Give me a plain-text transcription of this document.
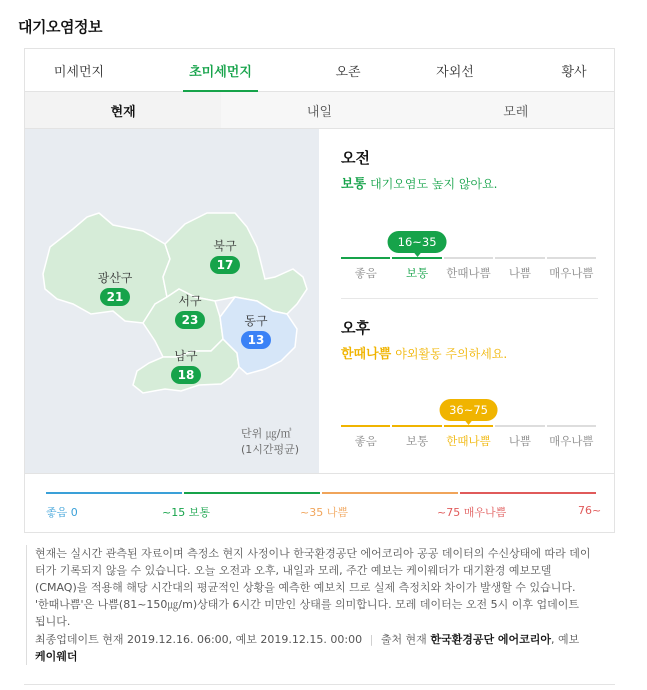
대기오염정보
미세먼지	초미세먼지	오존	자외선	황사
현재	내일	모레
광산구
21
북구
17
서구
23	동구
13
남구
18
단위 ㎍/㎥
(1시간평균)
오전
보통 대기오염도 높지 않아요.
좋음
16~35
보통	한때나쁨	나쁨	매우나쁨
오후
한때나쁨 야외활동 주의하세요.
좋음	보통
36~75
한때나쁨	나쁨	매우나쁨
좋음 0	~15 보통	~35 나쁨	~75 매우나쁨	76~
현재는 실시간 관측된 자료이며 측정소 현지 사정이나 한국환경공단 에어코리아 공공 데이터의 수신상태에 따라 데이터가 기록되지 않을 수 있습니다. 오늘 오전과 오후, 내일과 모레, 주간 예보는 케이웨더가 대기환경 예보모델(CMAQ)을 적용해 해당 시간대의 평균적인 상황을 예측한 예보치 므로 실제 측정치와 차이가 발생할 수 있습니다. '한때나쁨'은 나쁨(81~150㎍/m)상태가 6시간 미만인 상태를 의미합니다. 모레 데이터는 오전 5시 이후 업데이트 됩니다.
최종업데이트 현재 2019.12.16. 06:00, 예보 2019.12.15. 00:00 | 출처 현재 한국환경공단 에어코리아, 예보 케이웨더
